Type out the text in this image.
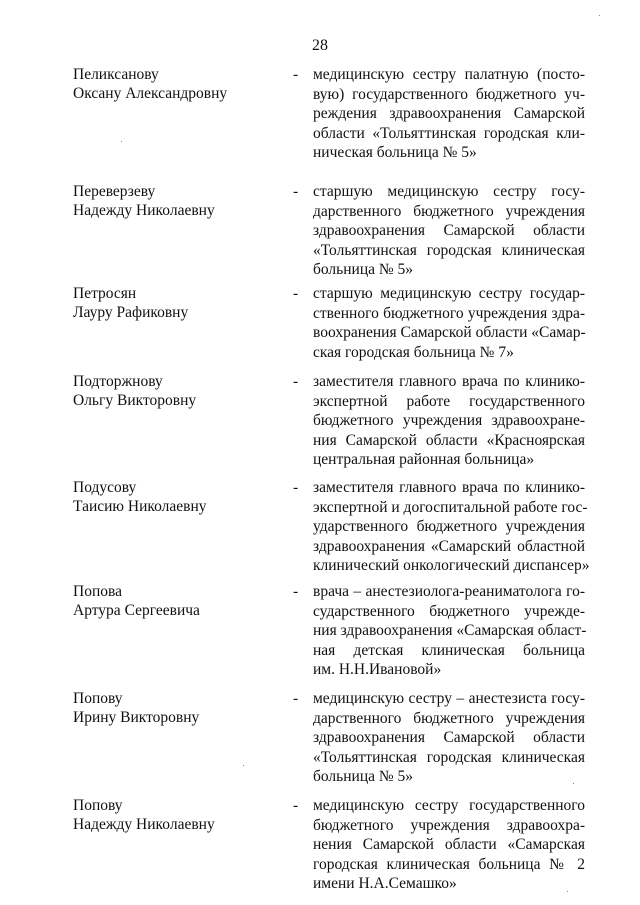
28
Пеликсанову
Оксану Александровну
- медицинскую сестру палатную (посто-
вую) государственного бюджетного уч-
реждения здравоохранения Самарской
области «Тольяттинская городская кли-
ническая больница № 5»
Переверзеву
Надежду Николаевну
- старшую медицинскую сестру госу-
дарственного бюджетного учреждения
здравоохранения Самарской области
«Тольяттинская городская клиническая
больница № 5»
Петросян
Лауру Рафиковну
- старшую медицинскую сестру государ-
ственного бюджетного учреждения здра-
воохранения Самарской области «Самар-
ская городская больница № 7»
Подторжнову
Ольгу Викторовну
- заместителя главного врача по клинико-
экспертной работе государственного
бюджетного учреждения здравоохране-
ния Самарской области «Красноярская
центральная районная больница»
Подусову
Таисию Николаевну
- заместителя главного врача по клинико-
экспертной и догоспитальной работе гос-
ударственного бюджетного учреждения
здравоохранения «Самарский областной
клинический онкологический диспансер»
Попова
Артура Сергеевича
- врача – анестезиолога-реаниматолога го-
сударственного бюджетного учрежде-
ния здравоохранения «Самарская област-
ная детская клиническая больница
им. Н.Н.Ивановой»
Попову
Ирину Викторовну
- медицинскую сестру – анестезиста госу-
дарственного бюджетного учреждения
здравоохранения Самарской области
«Тольяттинская городская клиническая
больница № 5»
Попову
Надежду Николаевну
- медицинскую сестру государственного
бюджетного учреждения здравоохра-
нения Самарской области «Самарская
городская клиническая больница № 2
имени Н.А.Семашко»
